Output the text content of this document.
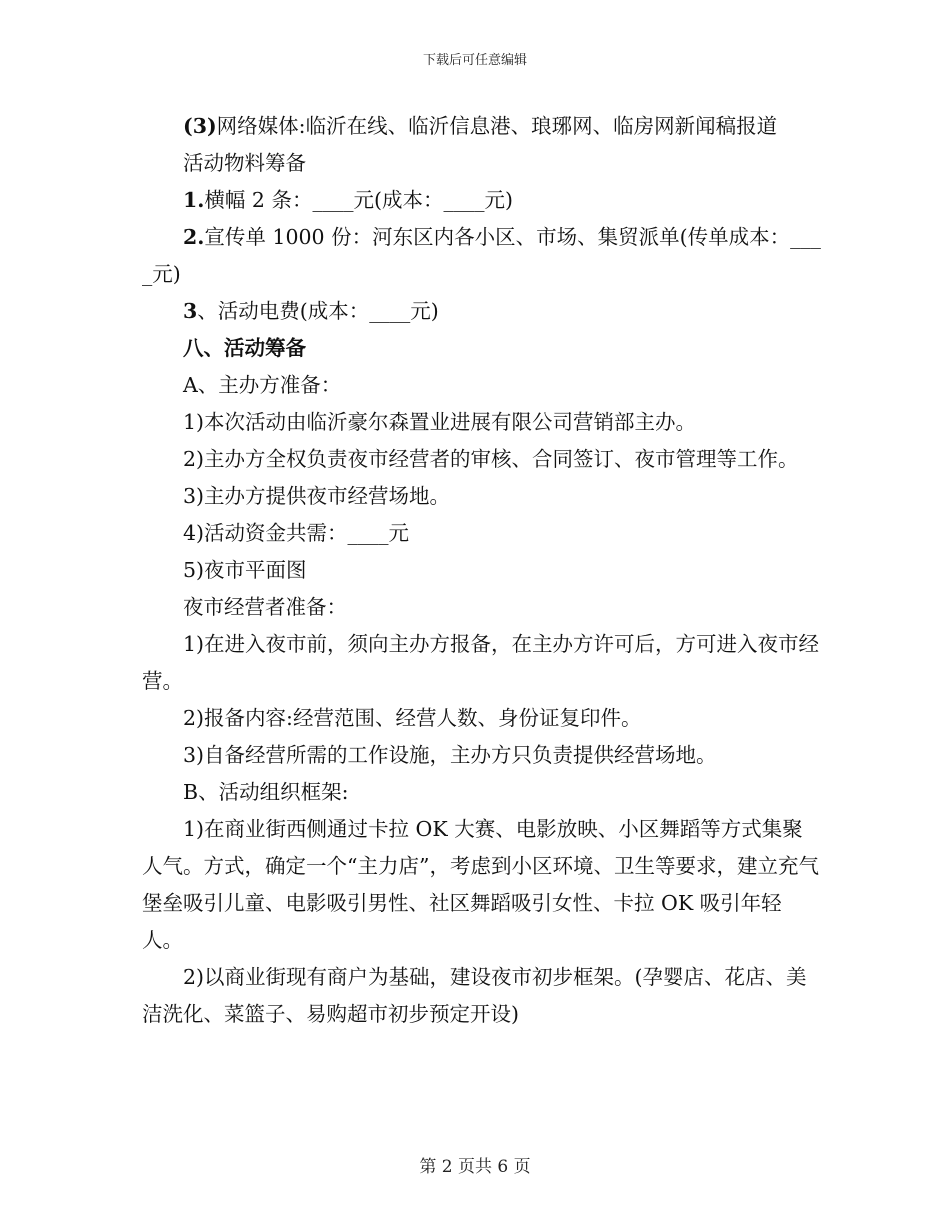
下载后可任意编辑

(3)网络媒体:临沂在线、临沂信息港、琅琊网、临房网新闻稿报道

活动物料筹备

1.横幅 2 条：____元(成本：____元)

2.宣传单 1000 份：河东区内各小区、市场、集贸派单(传单成本：____元)

3、活动电费(成本：____元)

八、活动筹备

A、主办方准备：

1)本次活动由临沂豪尔森置业进展有限公司营销部主办。

2)主办方全权负责夜市经营者的审核、合同签订、夜市管理等工作。

3)主办方提供夜市经营场地。

4)活动资金共需：____元

5)夜市平面图

夜市经营者准备：

1)在进入夜市前，须向主办方报备，在主办方许可后，方可进入夜市经营。

2)报备内容:经营范围、经营人数、身份证复印件。

3)自备经营所需的工作设施，主办方只负责提供经营场地。

B、活动组织框架:

1)在商业街西侧通过卡拉 OK 大赛、电影放映、小区舞蹈等方式集聚人气。方式，确定一个“主力店”，考虑到小区环境、卫生等要求，建立充气堡垒吸引儿童、电影吸引男性、社区舞蹈吸引女性、卡拉 OK 吸引年轻人。

2)以商业街现有商户为基础，建设夜市初步框架。(孕婴店、花店、美洁洗化、菜篮子、易购超市初步预定开设)

第 2 页共 6 页
